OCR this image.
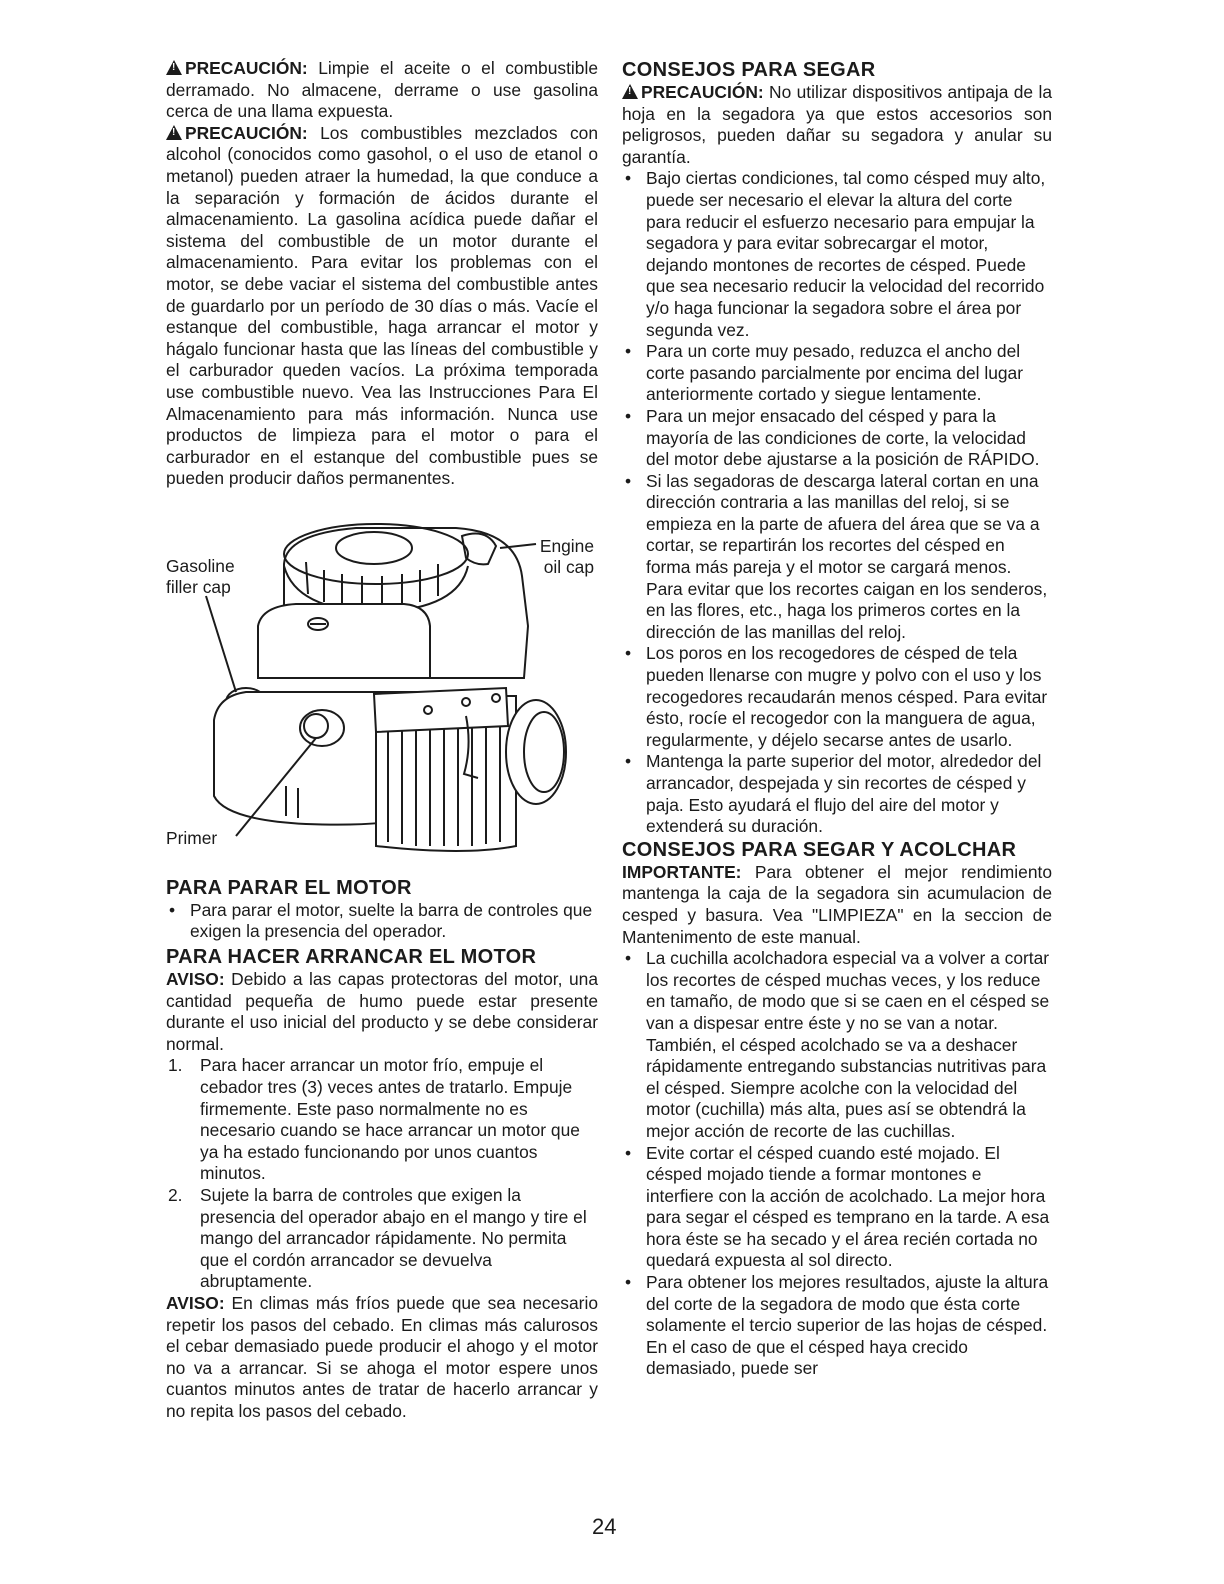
!PRECAUCIÓN: Limpie el aceite o el combustible derramado. No almacene, derrame o use gasolina cerca de una llama expuesta.

!PRECAUCIÓN: Los combustibles mezclados con alcohol (conocidos como gasohol, o el uso de etanol o metanol) pueden atraer la humedad, la que conduce a la separación y formación de ácidos durante el almacenamiento. La gasolina acídica puede dañar el sistema del combustible de un motor durante el almacenamiento. Para evitar los problemas con el motor, se debe vaciar el sistema del combustible antes de guardarlo por un período de 30 días o más. Vacíe el estanque del combustible, haga arrancar el motor y hágalo funcionar hasta que las líneas del combustible y el carburador queden vacíos. La próxima temporada use combustible nuevo. Vea las Instrucciones Para El Almacenamiento para más información. Nunca use productos de limpieza para el motor o para el carburador en el estanque del combustible pues se pueden producir daños permanentes.

Gasoline
filler cap
Engine
oil cap
Primer
PARA PARAR EL MOTOR
• Para parar el motor, suelte la barra de controles que exigen la presencia del operador.
PARA HACER ARRANCAR EL MOTOR

AVISO: Debido a las capas protectoras del motor, una cantidad pequeña de humo puede estar presente durante el uso inicial del producto y se debe considerar normal.

1. Para hacer arrancar un motor frío, empuje el cebador tres (3) veces antes de tratarlo. Empuje firmemente. Este paso normalmente no es necesario cuando se hace arrancar un motor que ya ha estado funcionando por unos cuantos minutos.
2. Sujete la barra de controles que exigen la presencia del operador abajo en el mango y tire el mango del arrancador rápidamente. No permita que el cordón arrancador se devuelva abruptamente.

AVISO: En climas más fríos puede que sea necesario repetir los pasos del cebado. En climas más calurosos el cebar demasiado puede producir el ahogo y el motor no va a arrancar. Si se ahoga el motor espere unos cuantos minutos antes de tratar de hacerlo arrancar y no repita los pasos del cebado.

CONSEJOS PARA SEGAR

!PRECAUCIÓN: No utilizar dispositivos antipaja de la hoja en la segadora ya que estos accesorios son peligrosos, pueden dañar su segadora y anular su garantía.

• Bajo ciertas condiciones, tal como césped muy alto, puede ser necesario el elevar la altura del corte para reducir el esfuerzo necesario para empujar la segadora y para evitar sobrecargar el motor, dejando montones de recortes de césped. Puede que sea necesario reducir la velocidad del recorrido y/o haga funcionar la segadora sobre el área por segunda vez.
• Para un corte muy pesado, reduzca el ancho del corte pasando parcialmente por encima del lugar anteriormente cortado y siegue lentamente.
• Para un mejor ensacado del césped y para la mayoría de las condiciones de corte, la velocidad del motor debe ajustarse a la posición de RÁPIDO.
• Si las segadoras de descarga lateral cortan en una dirección contraria a las manillas del reloj, si se empieza en la parte de afuera del área que se va a cortar, se repartirán los recortes del césped en forma más pareja y el motor se cargará menos. Para evitar que los recortes caigan en los senderos, en las flores, etc., haga los primeros cortes en la dirección de las manillas del reloj.
• Los poros en los recogedores de césped de tela pueden llenarse con mugre y polvo con el uso y los recogedores recaudarán menos césped. Para evitar ésto, rocíe el recogedor con la manguera de agua, regularmente, y déjelo secarse antes de usarlo.
• Mantenga la parte superior del motor, alrededor del arrancador, despejada y sin recortes de césped y paja. Esto ayudará el flujo del aire del motor y extenderá su duración.
CONSEJOS PARA SEGAR Y ACOLCHAR

IMPORTANTE: Para obtener el mejor rendimiento mantenga la caja de la segadora sin acumulacion de cesped y basura. Vea "LIMPIEZA" en la seccion de Mantenimento de este manual.

• La cuchilla acolchadora especial va a volver a cortar los recortes de césped muchas veces, y los reduce en tamaño, de modo que si se caen en el césped se van a dispesar entre éste y no se van a notar. También, el césped acolchado se va a deshacer rápidamente entregando substancias nutritivas para el césped. Siempre acolche con la velocidad del motor (cuchilla) más alta, pues así se obtendrá la mejor acción de recorte de las cuchillas.
• Evite cortar el césped cuando esté mojado. El césped mojado tiende a formar montones e interfiere con la acción de acolchado. La mejor hora para segar el césped es temprano en la tarde. A esa hora éste se ha secado y el área recién cortada no quedará expuesta al sol directo.
• Para obtener los mejores resultados, ajuste la altura del corte de la segadora de modo que ésta corte solamente el tercio superior de las hojas de césped. En el caso de que el césped haya crecido demasiado, puede ser
24
